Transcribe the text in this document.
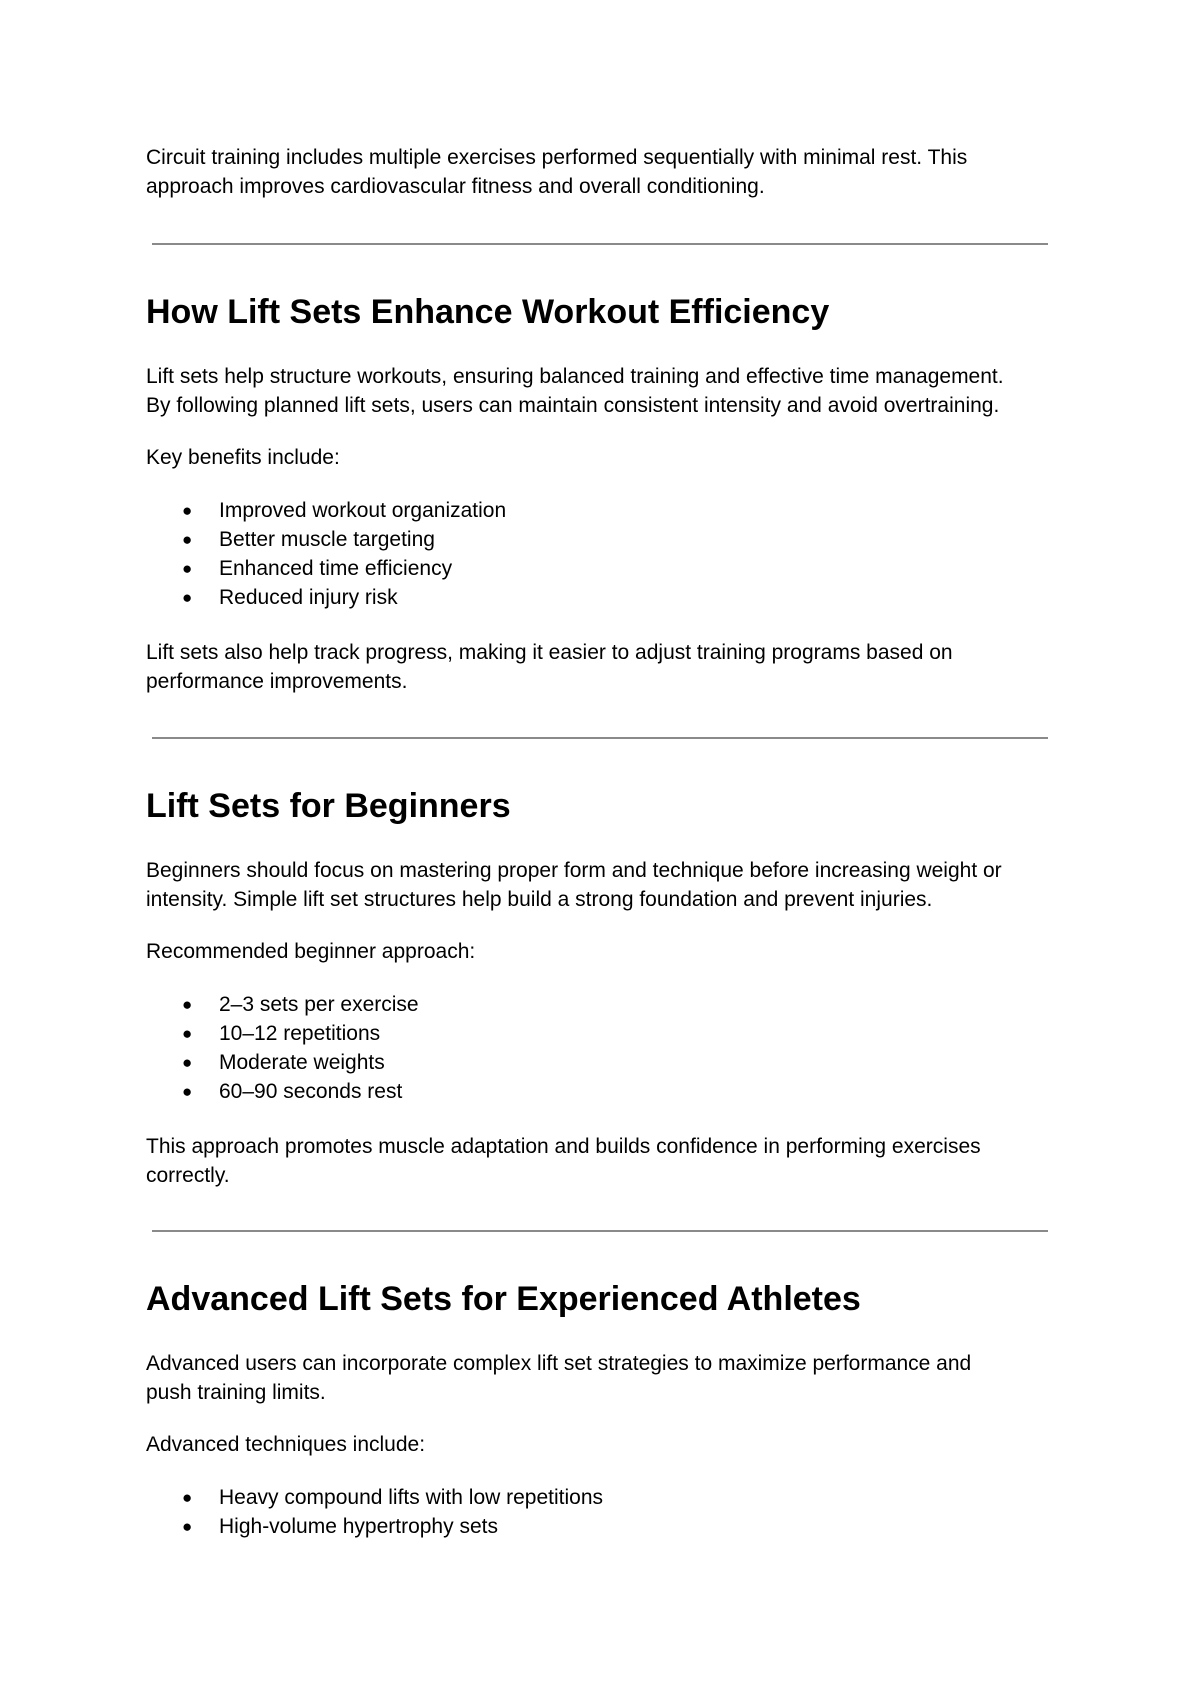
Circuit training includes multiple exercises performed sequentially with minimal rest. This

approach improves cardiovascular fitness and overall conditioning.

How Lift Sets Enhance Workout Efficiency

Lift sets help structure workouts, ensuring balanced training and effective time management.

By following planned lift sets, users can maintain consistent intensity and avoid overtraining.

Key benefits include:

● Improved workout organization
● Better muscle targeting
● Enhanced time efficiency
● Reduced injury risk

Lift sets also help track progress, making it easier to adjust training programs based on

performance improvements.

Lift Sets for Beginners

Beginners should focus on mastering proper form and technique before increasing weight or

intensity. Simple lift set structures help build a strong foundation and prevent injuries.

Recommended beginner approach:

● 2–3 sets per exercise
● 10–12 repetitions
● Moderate weights
● 60–90 seconds rest

This approach promotes muscle adaptation and builds confidence in performing exercises

correctly.

Advanced Lift Sets for Experienced Athletes

Advanced users can incorporate complex lift set strategies to maximize performance and

push training limits.

Advanced techniques include:

● Heavy compound lifts with low repetitions
● High-volume hypertrophy sets
